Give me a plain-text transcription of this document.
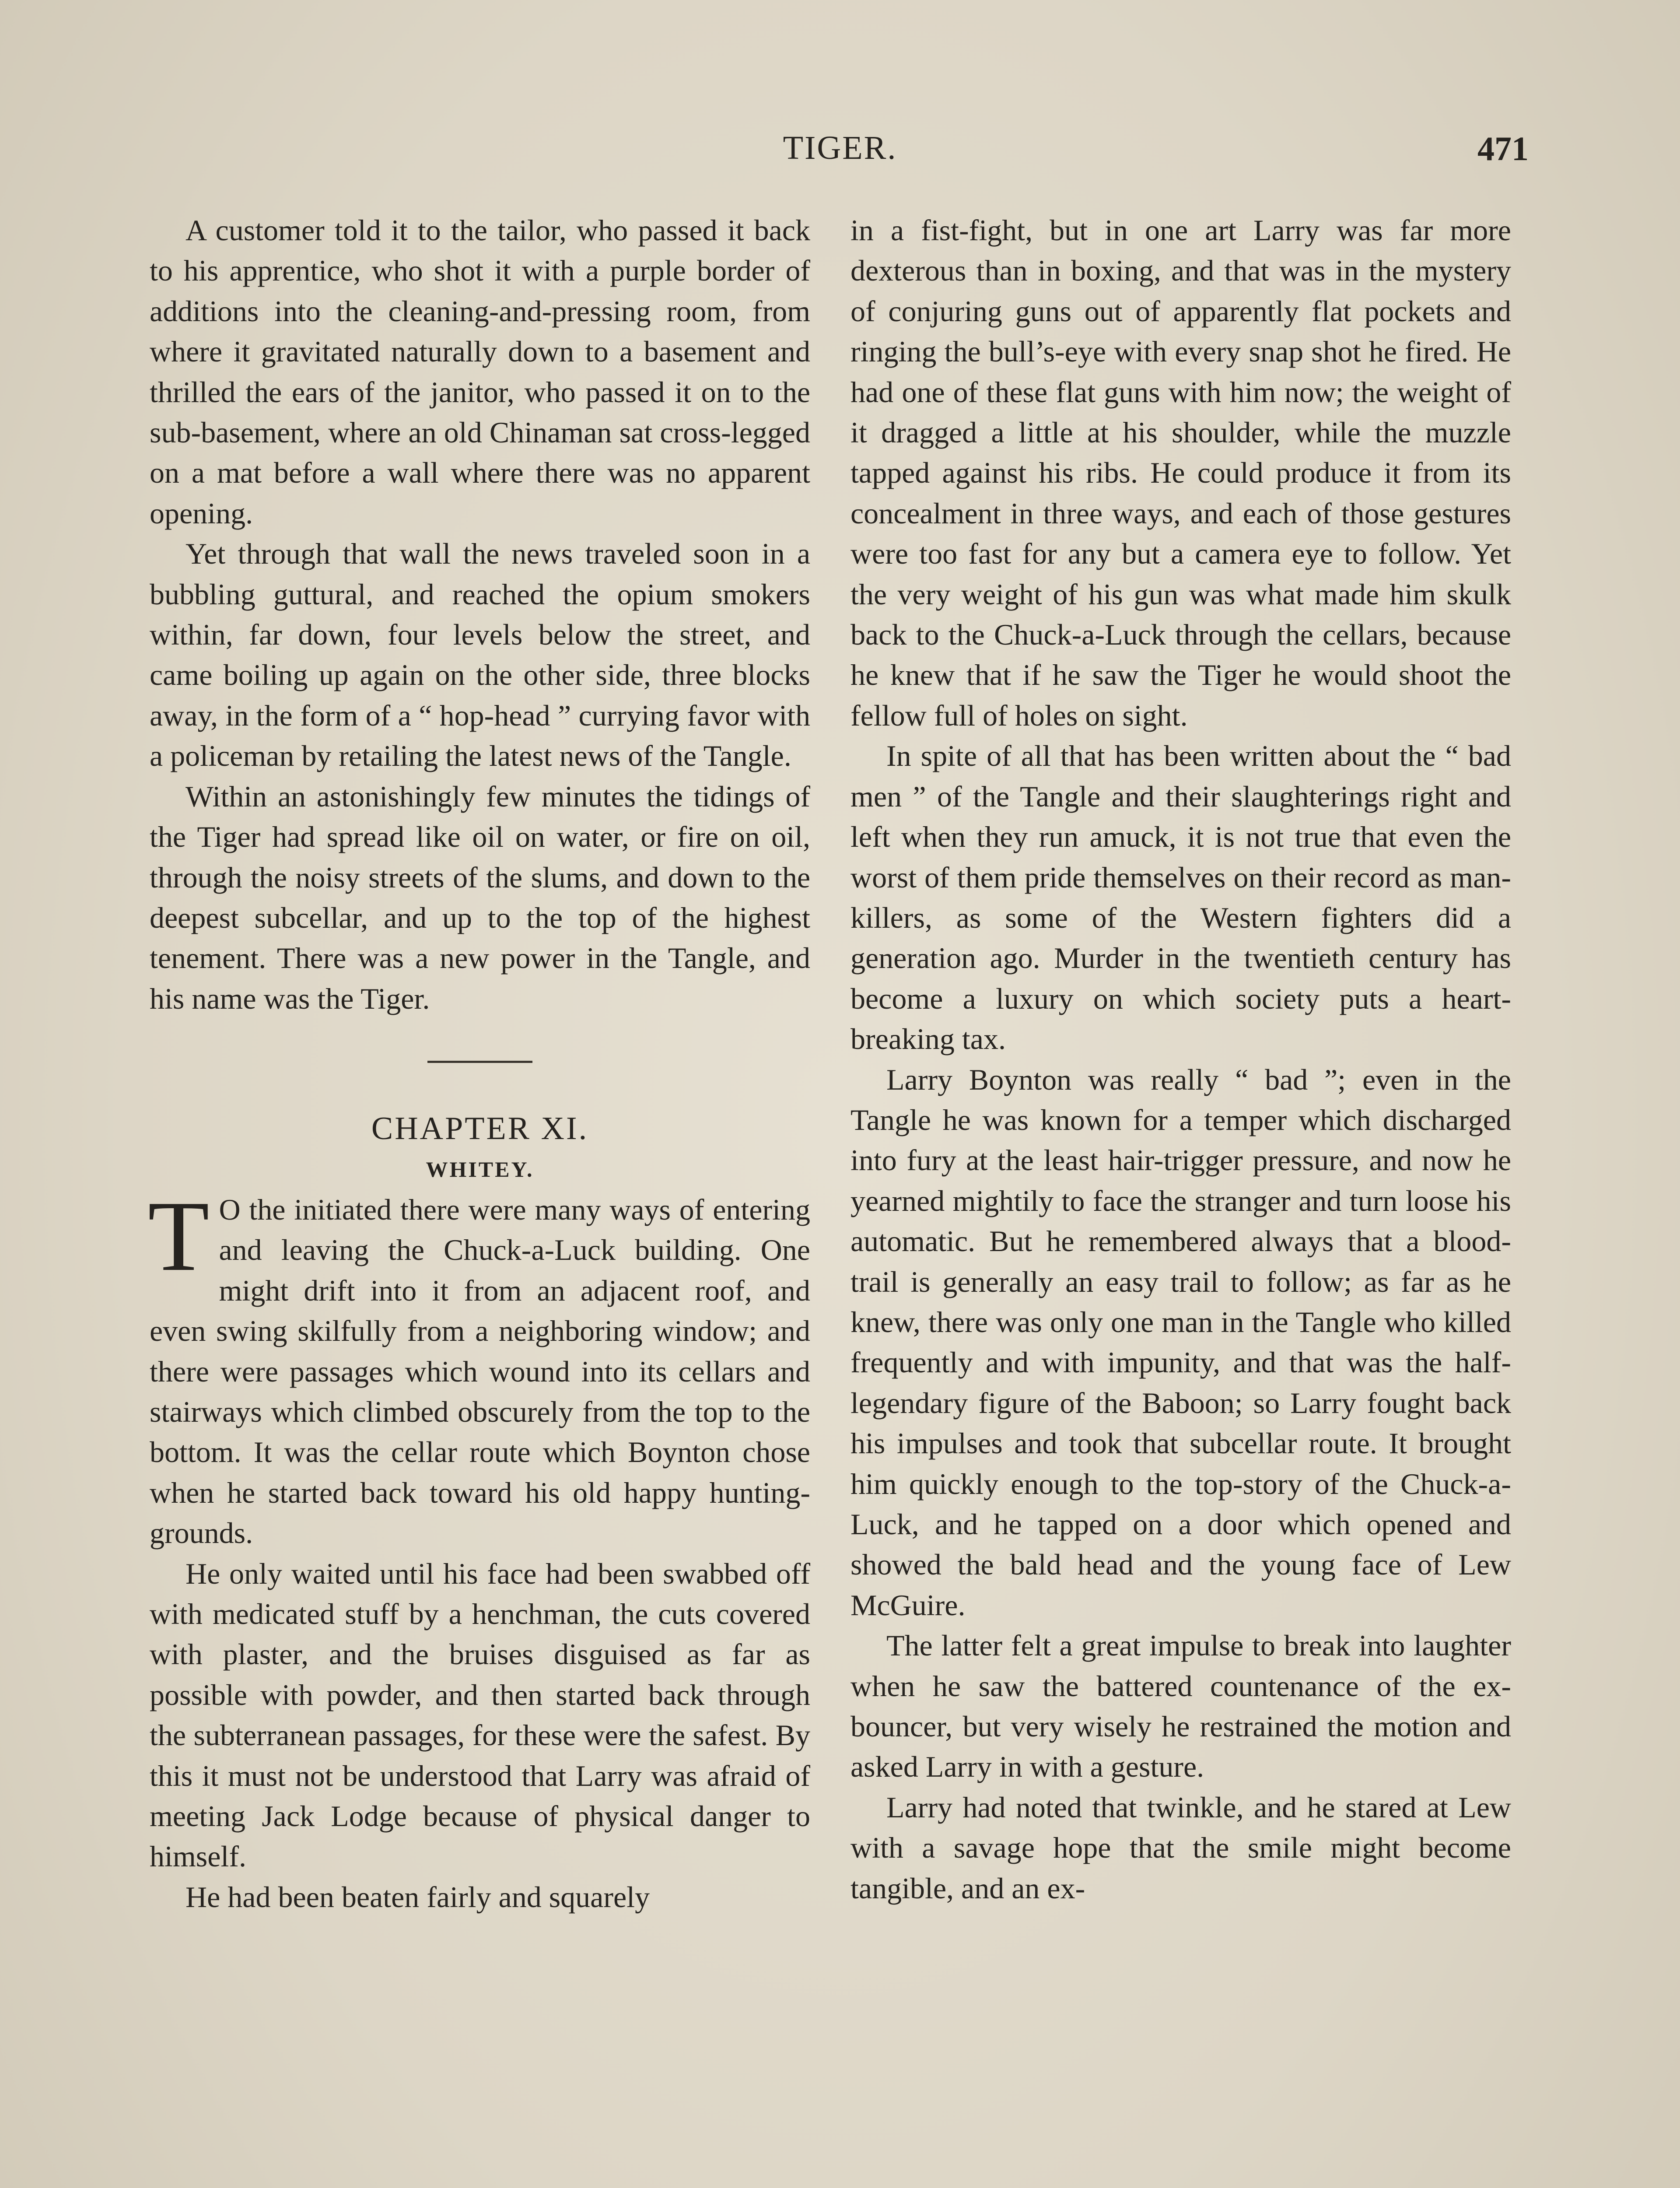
TIGER.	471

A customer told it to the tailor, who passed it back to his apprentice, who shot it with a purple border of additions into the cleaning-and-pressing room, from where it gravitated naturally down to a basement and thrilled the ears of the janitor, who passed it on to the sub-basement, where an old Chinaman sat cross-legged on a mat before a wall where there was no apparent opening.

Yet through that wall the news traveled soon in a bubbling guttural, and reached the opium smokers within, far down, four levels below the street, and came boiling up again on the other side, three blocks away, in the form of a “ hop-head ” currying favor with a policeman by retailing the latest news of the Tangle.

Within an astonishingly few minutes the tidings of the Tiger had spread like oil on water, or fire on oil, through the noisy streets of the slums, and down to the deepest subcellar, and up to the top of the highest tenement. There was a new power in the Tangle, and his name was the Tiger.

CHAPTER XI.

WHITEY.

T O the initiated there were many ways of entering and leaving the Chuck-a-Luck building. One might drift into it from an adjacent roof, and even swing skilfully from a neighboring window; and there were passages which wound into its cellars and stairways which climbed obscurely from the top to the bottom. It was the cellar route which Boynton chose when he started back toward his old happy hunting-grounds.

He only waited until his face had been swabbed off with medicated stuff by a henchman, the cuts covered with plaster, and the bruises disguised as far as possible with powder, and then started back through the subterranean passages, for these were the safest. By this it must not be understood that Larry was afraid of meeting Jack Lodge because of physical danger to himself.

He had been beaten fairly and squarely

in a fist-fight, but in one art Larry was far more dexterous than in boxing, and that was in the mystery of conjuring guns out of apparently flat pockets and ringing the bull’s-eye with every snap shot he fired. He had one of these flat guns with him now; the weight of it dragged a little at his shoulder, while the muzzle tapped against his ribs. He could produce it from its concealment in three ways, and each of those gestures were too fast for any but a camera eye to follow. Yet the very weight of his gun was what made him skulk back to the Chuck-a-Luck through the cellars, because he knew that if he saw the Tiger he would shoot the fellow full of holes on sight.

In spite of all that has been written about the “ bad men ” of the Tangle and their slaughterings right and left when they run amuck, it is not true that even the worst of them pride themselves on their record as man-killers, as some of the Western fighters did a generation ago. Murder in the twentieth century has become a luxury on which society puts a heart-breaking tax.

Larry Boynton was really “ bad ”; even in the Tangle he was known for a temper which discharged into fury at the least hair-trigger pressure, and now he yearned mightily to face the stranger and turn loose his automatic. But he remembered always that a blood-trail is generally an easy trail to follow; as far as he knew, there was only one man in the Tangle who killed frequently and with impunity, and that was the half-legendary figure of the Baboon; so Larry fought back his impulses and took that subcellar route. It brought him quickly enough to the top-story of the Chuck-a-Luck, and he tapped on a door which opened and showed the bald head and the young face of Lew McGuire.

The latter felt a great impulse to break into laughter when he saw the battered countenance of the ex-bouncer, but very wisely he restrained the motion and asked Larry in with a gesture.

Larry had noted that twinkle, and he stared at Lew with a savage hope that the smile might become tangible, and an ex-
